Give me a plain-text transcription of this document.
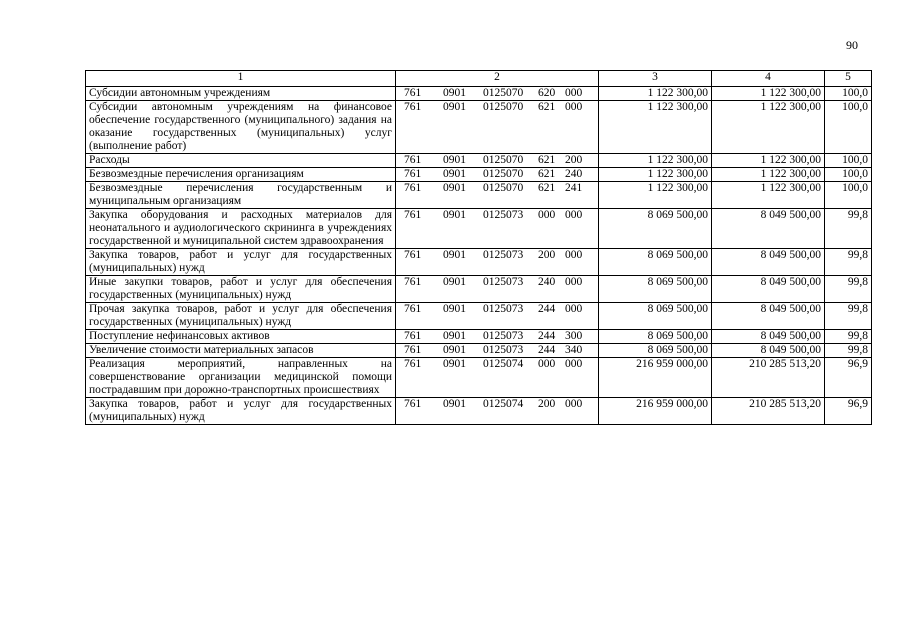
90
1	2	3	4	5
Субсидии автономным учреждениям	761 0901 0125070 620 000	1 122 300,00	1 122 300,00	100,0
Субсидии автономным учреждениям на финансовое обеспечение государственного (муниципального) задания на оказание государственных (муниципальных) услуг (выполнение работ)	761 0901 0125070 621 000	1 122 300,00	1 122 300,00	100,0
Расходы	761 0901 0125070 621 200	1 122 300,00	1 122 300,00	100,0
Безвозмездные перечисления организациям	761 0901 0125070 621 240	1 122 300,00	1 122 300,00	100,0
Безвозмездные перечисления государственным и муниципальным организациям	761 0901 0125070 621 241	1 122 300,00	1 122 300,00	100,0
Закупка оборудования и расходных материалов для неонатального и аудиологического скрининга в учреждениях государственной и муниципальной систем здравоохранения	761 0901 0125073 000 000	8 069 500,00	8 049 500,00	99,8
Закупка товаров, работ и услуг для государственных (муниципальных) нужд	761 0901 0125073 200 000	8 069 500,00	8 049 500,00	99,8
Иные закупки товаров, работ и услуг для обеспечения государственных (муниципальных) нужд	761 0901 0125073 240 000	8 069 500,00	8 049 500,00	99,8
Прочая закупка товаров, работ и услуг для обеспечения государственных (муниципальных) нужд	761 0901 0125073 244 000	8 069 500,00	8 049 500,00	99,8
Поступление нефинансовых активов	761 0901 0125073 244 300	8 069 500,00	8 049 500,00	99,8
Увеличение стоимости материальных запасов	761 0901 0125073 244 340	8 069 500,00	8 049 500,00	99,8
Реализация мероприятий, направленных на совершенствование организации медицинской помощи пострадавшим при дорожно-транспортных происшествиях	761 0901 0125074 000 000	216 959 000,00	210 285 513,20	96,9
Закупка товаров, работ и услуг для государственных (муниципальных) нужд	761 0901 0125074 200 000	216 959 000,00	210 285 513,20	96,9
